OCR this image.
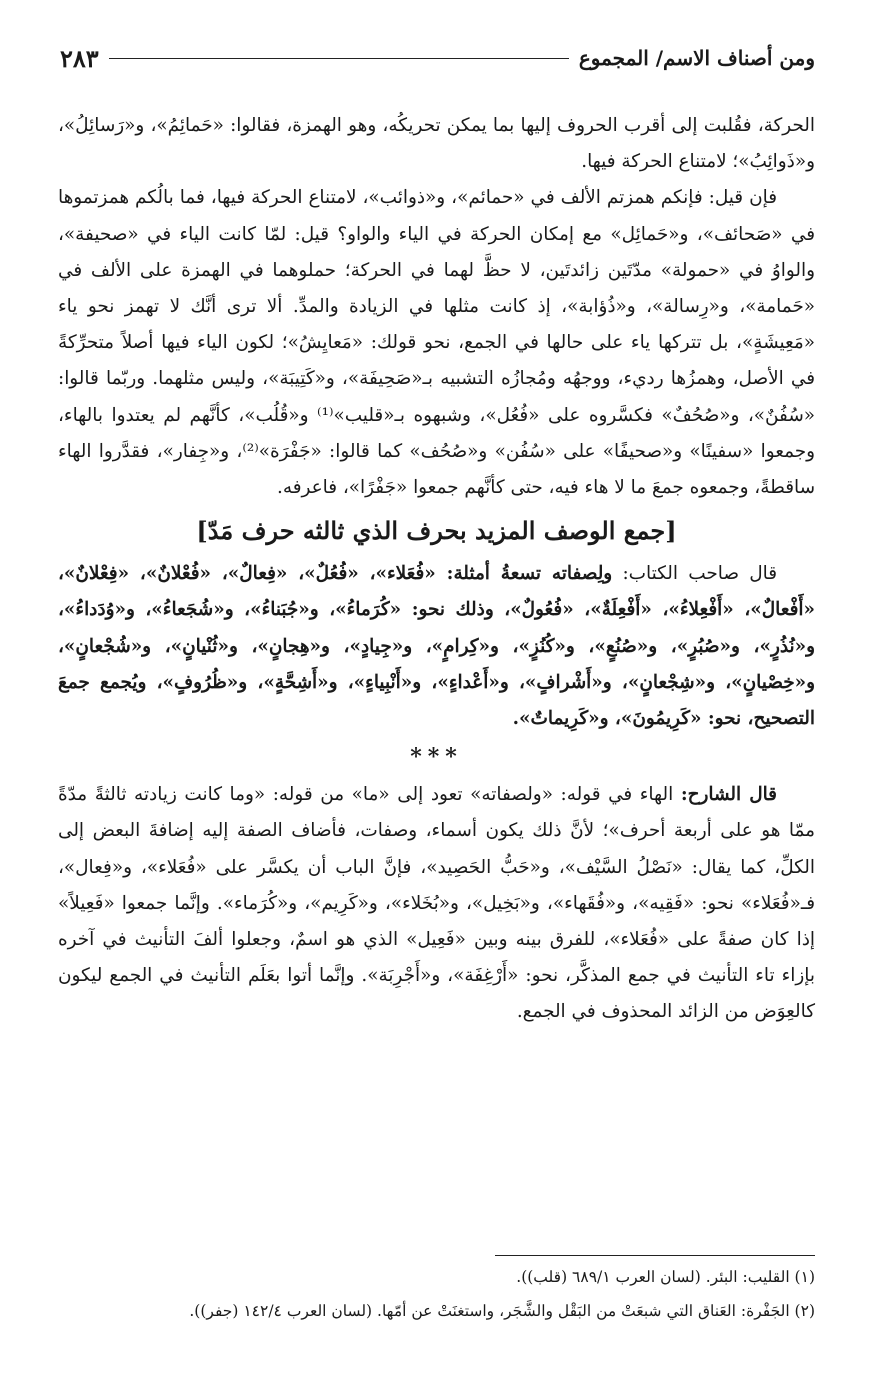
ومن أصناف الاسم/ المجموع
٢٨٣

الحركة، فقُلبت إلى أقرب الحروف إليها بما يمكن تحريكُه، وهو الهمزة، فقالوا: «حَمائِمُ»، و«رَسائِلُ»، و«ذَوائِبُ»؛ لامتناع الحركة فيها.

فإن قيل: فإنكم همزتم الألف في «حمائم»، و«ذوائب»، لامتناع الحركة فيها، فما بالُكم همزتموها في «صَحائف»، و«حَمائِل» مع إمكان الحركة في الياء والواو؟ قيل: لمّا كانت الياء في «صحيفة»، والواوُ في «حمولة» مدّتَين زائدتَين، لا حظَّ لهما في الحركة؛ حملوهما في الهمزة على الألف في «حَمامة»، و«رِسالة»، و«ذُؤابة»، إذ كانت مثلها في الزيادة والمدِّ. ألا ترى أنَّك لا تهمز نحو ياء «مَعِيشَةٍ»، بل تتركها ياء على حالها في الجمع، نحو قولك: «مَعايِشُ»؛ لكون الياء فيها أصلاً متحرِّكةً في الأصل، وهمزُها رديء، ووجهُه ومُجازُه التشبيه بـ«صَحِيفَة»، و«كَتِيبَة»، وليس مثلهما. وربّما قالوا: «سُفُنٌ»، و«صُحُفٌ» فكسَّروه على «فُعُل»، وشبهوه بـ«قليب»⁽¹⁾ و«قُلُب»، كأنَّهم لم يعتدوا بالهاء، وجمعوا «سفينًا» و«صحيفًا» على «سُفُن» و«صُحُف» كما قالوا: «جَفْرَة»⁽²⁾، و«جِفار»، فقدَّروا الهاء ساقطةً، وجمعوه جمعَ ما لا هاء فيه، حتى كأنَّهم جمعوا «جَفْرًا»، فاعرفه.

[جمع الوصف المزيد بحرف الذي ثالثه حرف مَدّ]

قال صاحب الكتاب: ولِصفاته تسعةُ أمثلة: «فُعَلاء»، «فُعُلٌ»، «فِعالٌ»، «فُعْلانٌ»، «فِعْلانٌ»، «أَفْعالٌ»، «أَفْعِلاءُ»، «أَفْعِلَةٌ»، «فُعُولٌ»، وذلك نحو: «كُرَماءُ»، و«جُبَناءُ»، و«شُجَعاءُ»، و«وُدَداءُ»، و«نُذُرٍ»، و«صُبُرٍ»، و«صُنُعٍ»، و«كُنُزٍ»، و«كِرامٍ»، و«جِيادٍ»، و«هِجانٍ»، و«ثُنْيانٍ»، و«شُجْعانٍ»، و«خِصْيانٍ»، و«شِجْعانٍ»، و«أَشْرافٍ»، و«أَعْداءٍ»، و«أَنْبِياءٍ»، و«أَشِحَّةٍ»، و«ظُرُوفٍ»، ويُجمع جمعَ التصحيح، نحو: «كَرِيمُونَ»، و«كَرِيماتٌ».

***

قال الشارح: الهاء في قوله: «ولصفاته» تعود إلى «ما» من قوله: «وما كانت زيادته ثالثةً مدّةً ممّا هو على أربعة أحرف»؛ لأنَّ ذلك يكون أسماء، وصفات، فأضاف الصفة إليه إضافةَ البعض إلى الكلِّ، كما يقال: «نَصْلُ السَّيْف»، و«حَبُّ الحَصِيد»، فإنَّ الباب أن يكسَّر على «فُعَلاء»، و«فِعال»، فـ«فُعَلاء» نحو: «فَقِيه»، و«فُقَهاء»، و«بَخِيل»، و«بُخَلاء»، و«كَرِيم»، و«كُرَماء». وإنَّما جمعوا «فَعِيلاً» إذا كان صفةً على «فُعَلاء»، للفرق بينه وبين «فَعِيل» الذي هو اسمٌ، وجعلوا ألفَ التأنيث في آخره بإزاء تاء التأنيث في جمع المذكَّر، نحو: «أَرْغِفَة»، و«أَجْرِبَة». وإنَّما أتوا بعَلَم التأنيث في الجمع ليكون كالعِوَض من الزائد المحذوف في الجمع.

(١) القليب: البئر. (لسان العرب ٦٨٩/١ (قلب)).
(٢) الجَفْرة: العَناق التي شبعَتْ من البَقْل والشَّجَر، واستغنَتْ عن أمّها. (لسان العرب ١٤٢/٤ (جفر)).
